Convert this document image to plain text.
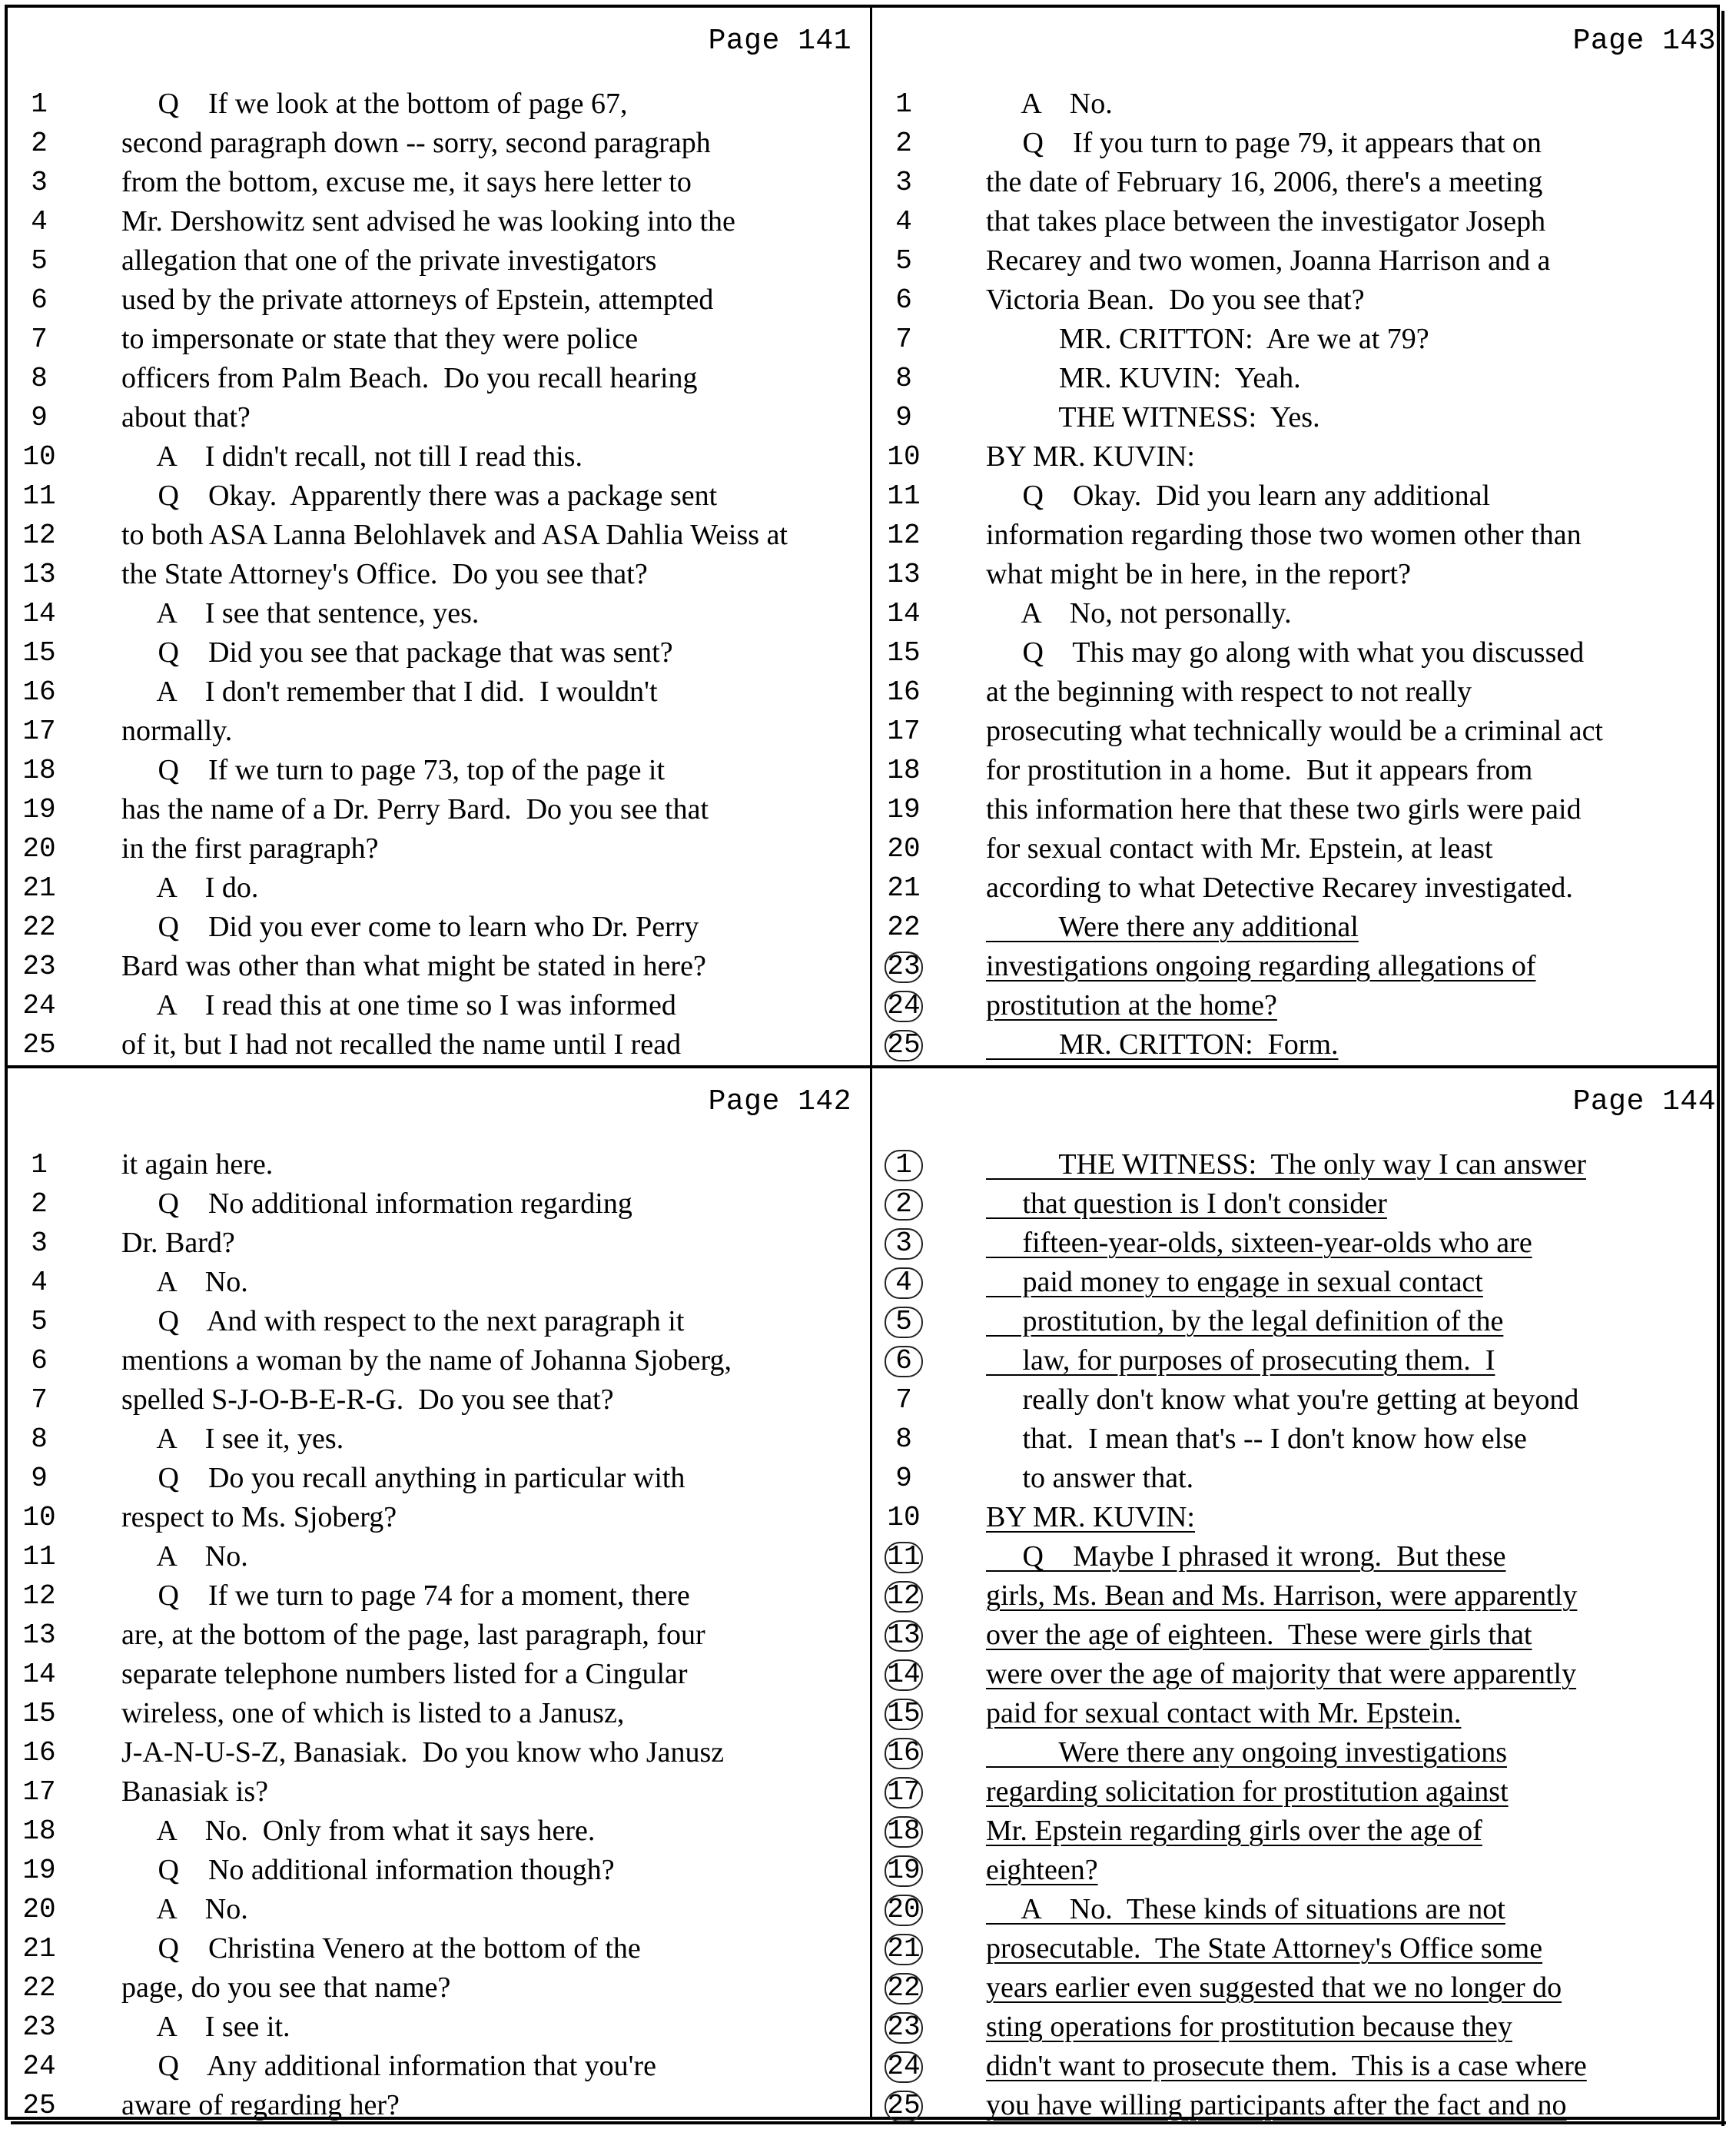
Page 141
1	Q    If we look at the bottom of page 67,
2	second paragraph down -- sorry, second paragraph
3	from the bottom, excuse me, it says here letter to
4	Mr. Dershowitz sent advised he was looking into the
5	allegation that one of the private investigators
6	used by the private attorneys of Epstein, attempted
7	to impersonate or state that they were police
8	officers from Palm Beach.  Do you recall hearing
9	about that?
10	A    I didn't recall, not till I read this.
11	Q    Okay.  Apparently there was a package sent
12	to both ASA Lanna Belohlavek and ASA Dahlia Weiss at
13	the State Attorney's Office.  Do you see that?
14	A    I see that sentence, yes.
15	Q    Did you see that package that was sent?
16	A    I don't remember that I did.  I wouldn't
17	normally.
18	Q    If we turn to page 73, top of the page it
19	has the name of a Dr. Perry Bard.  Do you see that
20	in the first paragraph?
21	A    I do.
22	Q    Did you ever come to learn who Dr. Perry
23	Bard was other than what might be stated in here?
24	A    I read this at one time so I was informed
25	of it, but I had not recalled the name until I read
Page 143
1	A    No.
2	Q    If you turn to page 79, it appears that on
3	the date of February 16, 2006, there's a meeting
4	that takes place between the investigator Joseph
5	Recarey and two women, Joanna Harrison and a
6	Victoria Bean.  Do you see that?
7	MR. CRITTON:  Are we at 79?
8	MR. KUVIN:  Yeah.
9	THE WITNESS:  Yes.
10	BY MR. KUVIN:
11	Q    Okay.  Did you learn any additional
12	information regarding those two women other than
13	what might be in here, in the report?
14	A    No, not personally.
15	Q    This may go along with what you discussed
16	at the beginning with respect to not really
17	prosecuting what technically would be a criminal act
18	for prostitution in a home.  But it appears from
19	this information here that these two girls were paid
20	for sexual contact with Mr. Epstein, at least
21	according to what Detective Recarey investigated.
22	Were there any additional
23	investigations ongoing regarding allegations of
24	prostitution at the home?
25	MR. CRITTON:  Form.
Page 142
1	it again here.
2	Q    No additional information regarding
3	Dr. Bard?
4	A    No.
5	Q    And with respect to the next paragraph it
6	mentions a woman by the name of Johanna Sjoberg,
7	spelled S-J-O-B-E-R-G.  Do you see that?
8	A    I see it, yes.
9	Q    Do you recall anything in particular with
10	respect to Ms. Sjoberg?
11	A    No.
12	Q    If we turn to page 74 for a moment, there
13	are, at the bottom of the page, last paragraph, four
14	separate telephone numbers listed for a Cingular
15	wireless, one of which is listed to a Janusz,
16	J-A-N-U-S-Z, Banasiak.  Do you know who Janusz
17	Banasiak is?
18	A    No.  Only from what it says here.
19	Q    No additional information though?
20	A    No.
21	Q    Christina Venero at the bottom of the
22	page, do you see that name?
23	A    I see it.
24	Q    Any additional information that you're
25	aware of regarding her?
Page 144
1	THE WITNESS:  The only way I can answer
2	that question is I don't consider
3	fifteen-year-olds, sixteen-year-olds who are
4	paid money to engage in sexual contact
5	prostitution, by the legal definition of the
6	law, for purposes of prosecuting them.  I
7	really don't know what you're getting at beyond
8	that.  I mean that's -- I don't know how else
9	to answer that.
10	BY MR. KUVIN:
11	Q    Maybe I phrased it wrong.  But these
12	girls, Ms. Bean and Ms. Harrison, were apparently
13	over the age of eighteen.  These were girls that
14	were over the age of majority that were apparently
15	paid for sexual contact with Mr. Epstein.
16	Were there any ongoing investigations
17	regarding solicitation for prostitution against
18	Mr. Epstein regarding girls over the age of
19	eighteen?
20	A    No.  These kinds of situations are not
21	prosecutable.  The State Attorney's Office some
22	years earlier even suggested that we no longer do
23	sting operations for prostitution because they
24	didn't want to prosecute them.  This is a case where
25	you have willing participants after the fact and no
